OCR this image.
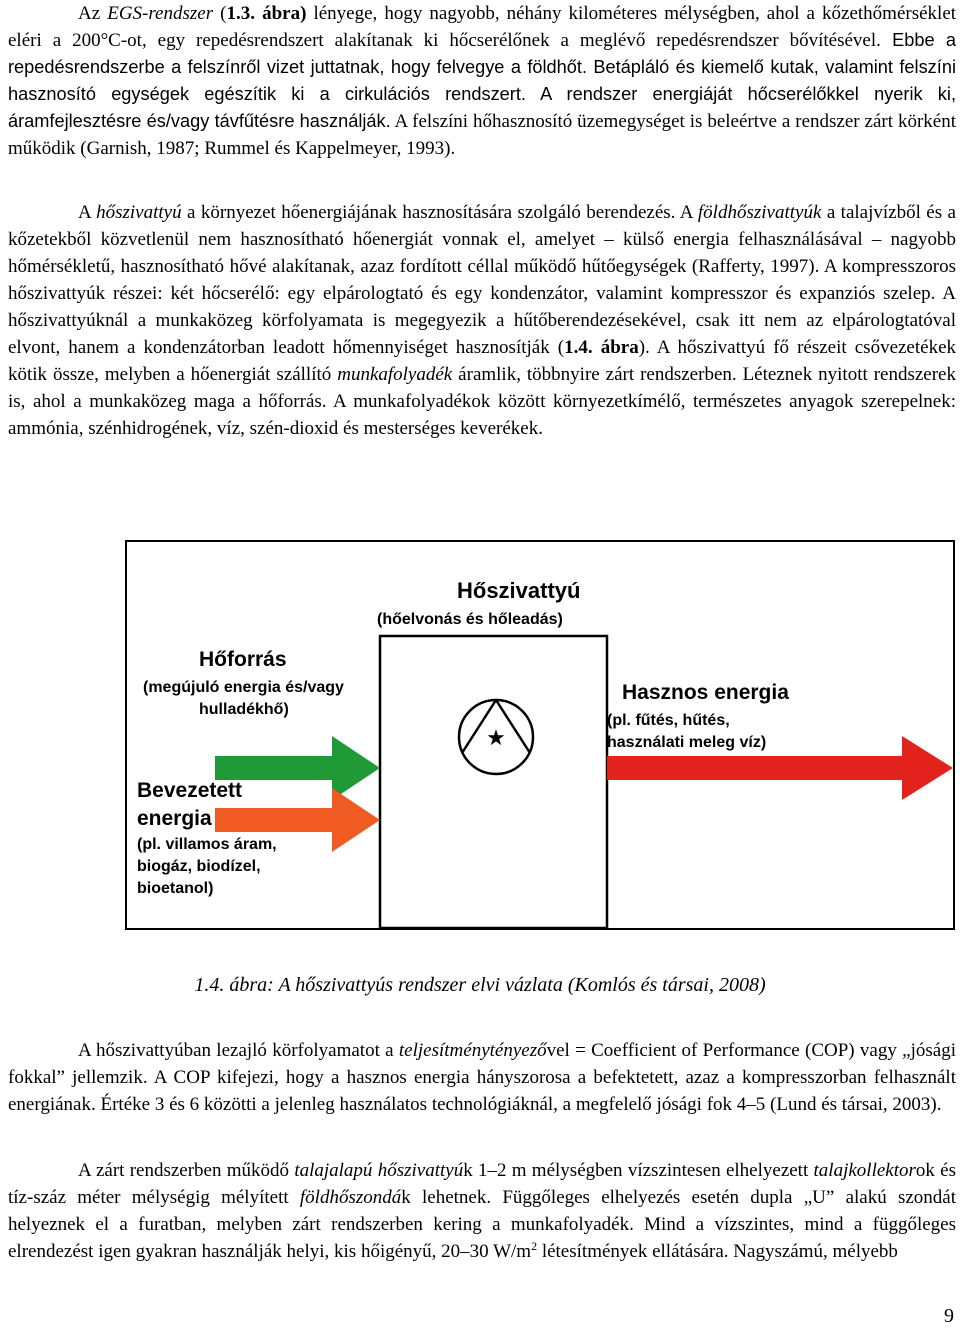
Az EGS-rendszer (1.3. ábra) lényege, hogy nagyobb, néhány kilométeres mélységben, ahol a kőzethőmérséklet eléri a 200°C-ot, egy repedésrendszert alakítanak ki hőcserélőnek a meglévő repedésrendszer bővítésével. Ebbe a repedésrendszerbe a felszínről vizet juttatnak, hogy felvegye a földhőt. Betápláló és kiemelő kutak, valamint felszíni hasznosító egységek egészítik ki a cirkulációs rendszert. A rendszer energiáját hőcserélőkkel nyerik ki, áramfejlesztésre és/vagy távfűtésre használják. A felszíni hőhasznosító üzemegységet is beleértve a rendszer zárt körként működik (Garnish, 1987; Rummel és Kappelmeyer, 1993).
A hőszivattyú a környezet hőenergiájának hasznosítására szolgáló berendezés. A földhőszivattyúk a talajvízből és a kőzetekből közvetlenül nem hasznosítható hőenergiát vonnak el, amelyet – külső energia felhasználásával – nagyobb hőmérsékletű, hasznosítható hővé alakítanak, azaz fordított céllal működő hűtőegységek (Rafferty, 1997). A kompresszoros hőszivattyúk részei: két hőcserélő: egy elpárologtató és egy kondenzátor, valamint kompresszor és expanziós szelep. A hőszivattyúknál a munkaközeg körfolyamata is megegyezik a hűtőberendezésekével, csak itt nem az elpárologtatóval elvont, hanem a kondenzátorban leadott hőmennyiséget hasznosítják (1.4. ábra). A hőszivattyú fő részeit csővezetékek kötik össze, melyben a hőenergiát szállító munkafolyadék áramlik, többnyire zárt rendszerben. Léteznek nyitott rendszerek is, ahol a munkaközeg maga a hőforrás. A munkafolyadékok között környezetkímélő, természetes anyagok szerepelnek: ammónia, szénhidrogének, víz, szén-dioxid és mesterséges keverékek.
★
Hőszivattyú
(hőelvonás és hőleadás)
Hőforrás
(megújuló energia és/vagy
hulladékhő)
Hasznos energia
(pl. fűtés, hűtés,
használati meleg víz)
Bevezetett
energia
(pl. villamos áram,
biogáz, biodízel,
bioetanol)
1.4. ábra: A hőszivattyús rendszer elvi vázlata (Komlós és társai, 2008)
A hőszivattyúban lezajló körfolyamatot a teljesítménytényezővel = Coefficient of Performance (COP) vagy „jósági fokkal” jellemzik. A COP kifejezi, hogy a hasznos energia hányszorosa a befektetett, azaz a kompresszorban felhasznált energiának. Értéke 3 és 6 közötti a jelenleg használatos technológiáknál, a megfelelő jósági fok 4–5 (Lund és társai, 2003).
A zárt rendszerben működő talajalapú hőszivattyúk 1–2 m mélységben vízszintesen elhelyezett talajkollektorok és tíz-száz méter mélységig mélyített földhőszondák lehetnek. Függőleges elhelyezés esetén dupla „U” alakú szondát helyeznek el a furatban, melyben zárt rendszerben kering a munkafolyadék. Mind a vízszintes, mind a függőleges elrendezést igen gyakran használják helyi, kis hőigényű, 20–30 $W/m^2$ létesítmények ellátására. Nagyszámú, mélyebb
9
